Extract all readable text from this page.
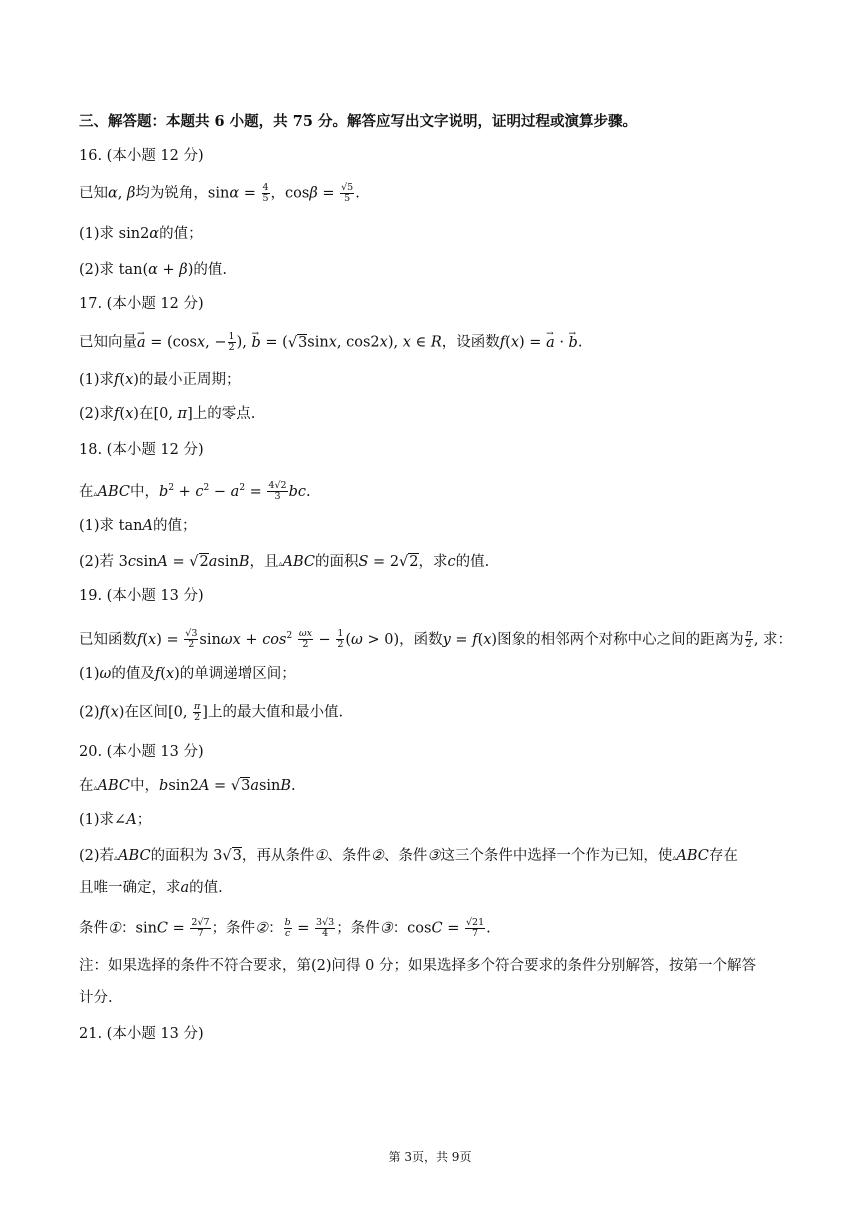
三、解答题：本题共 6 小题，共 75 分。解答应写出文字说明，证明过程或演算步骤。
16. (本小题 12 分)
已知α, β均为锐角，$\sin\alpha = \frac{4}{5}$ ，$\cos\beta = \frac{√5}{5}$ .
(1)求 sin2α的值；
(2)求 tan(α + β)的值.
17. (本小题 12 分)
已知向量→ a = (cosx, − $\frac{1}{2}$ ), → b = (√3sinx, cos2x), x ∈ R，设函数f(x) = → a · → b.
(1)求f(x)的最小正周期；
(2)求f(x)在[0, π]上的零点.
18. (本小题 12 分)
在▵ABC中，$b^2 + c^2 - a^2 = \frac{4√2}{3}$ bc.
(1)求 tanA的值；
(2)若 3csinA = √2asinB，且▵ABC的面积S = 2√2，求c的值.
19. (本小题 13 分)
已知函数$f(x) = \frac{√3}{2}$ $\sin\omega x + \cos^2 \frac{\omega x}{2} - \frac{1}{2} (\omega > 0)$，函数y = f(x)图象的相邻两个对称中心之间的距离为 $\frac{\pi}{2}$ , 求：
(1)ω的值及f(x)的单调递增区间；
(2)f(x)在区间[0, $\frac{\pi}{2}$ ]上的最大值和最小值.
20. (本小题 13 分)
在▵ABC中，bsin2A = √3asinB.
(1)求∠A；
(2)若▵ABC的面积为 3√3，再从条件①、条件②、条件③这三个条件中选择一个作为已知，使▵ABC存在
且唯一确定，求a的值.
条件①：$\sin C = \frac{2√7}{7}$ ；条件②： $\frac{b}{c} = \frac{3√3}{4}$ ；条件③：$\cos C = \frac{√21}{7}$ .
注：如果选择的条件不符合要求，第(2)问得 0 分；如果选择多个符合要求的条件分别解答，按第一个解答
计分.
21. (本小题 13 分)
第 3页，共 9页
